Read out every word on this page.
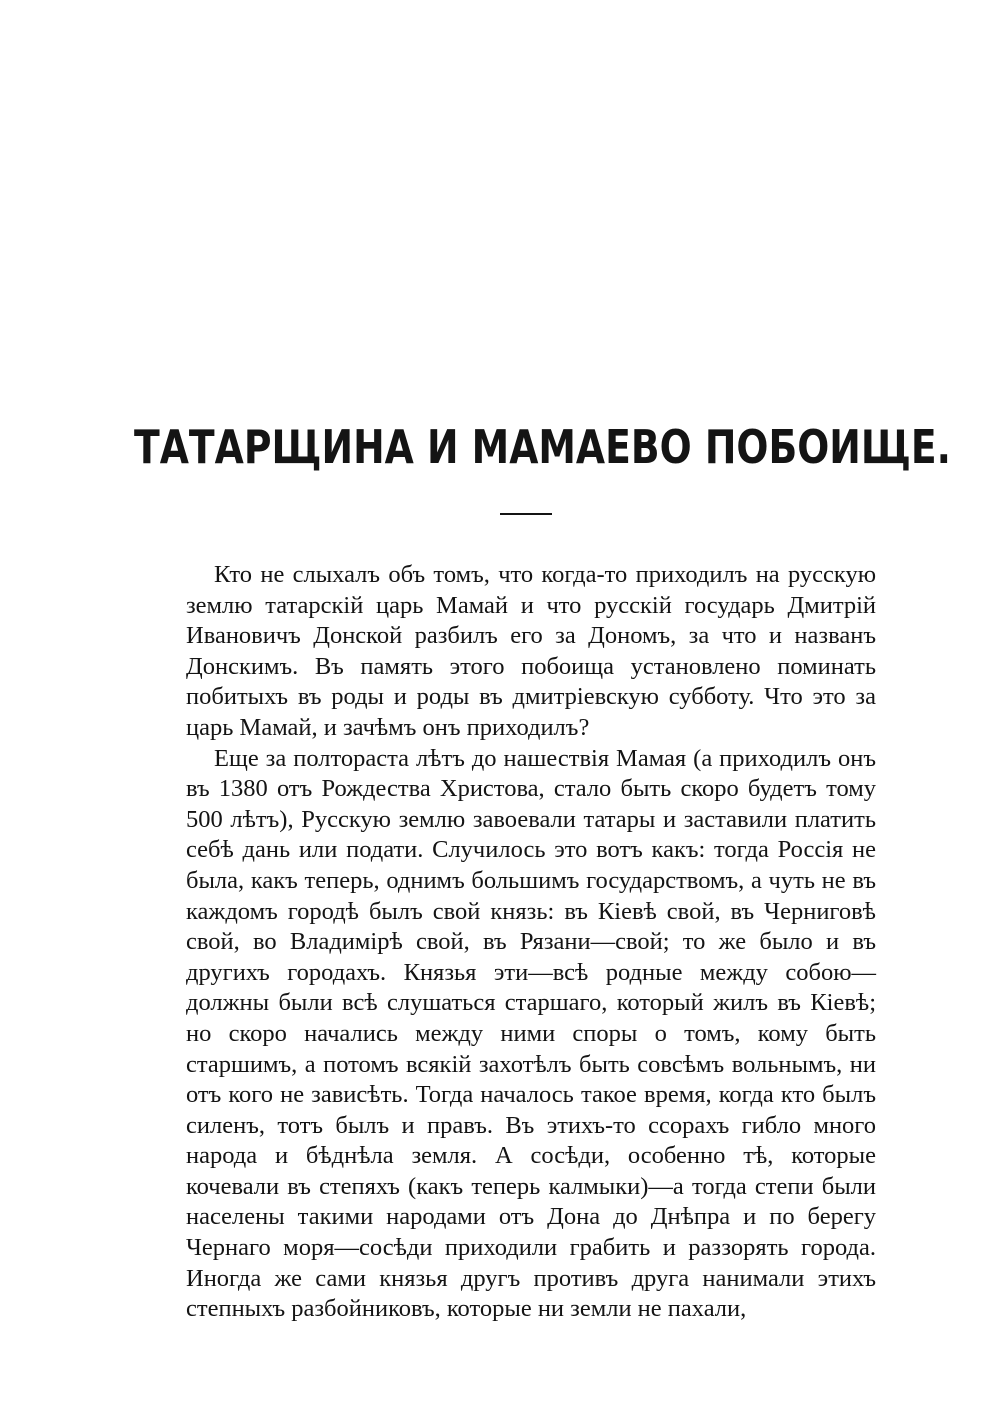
ТАТАРЩИНА И МАМАЕВО ПОБОИЩЕ.

Кто не слыхалъ объ томъ, что когда-то приходилъ на русскую землю татарскій царь Мамай и что русскій государь Дмитрій Ивановичъ Донской разбилъ его за Дономъ, за что и названъ Донскимъ. Въ память этого побоища установлено поминать побитыхъ въ роды и роды въ дмитріевскую субботу. Что это за царь Мамай, и зачѣмъ онъ приходилъ?

Еще за полтораста лѣтъ до нашествія Мамая (а приходилъ онъ въ 1380 отъ Рождества Христова, стало быть скоро будетъ тому 500 лѣтъ), Русскую землю завоевали татары и заставили платить себѣ дань или подати. Случилось это вотъ какъ: тогда Россія не была, какъ теперь, однимъ большимъ государствомъ, а чуть не въ каждомъ городѣ былъ свой князь: въ Кіевѣ свой, въ Черниговѣ свой, во Владимірѣ свой, въ Рязани—свой; то же было и въ другихъ городахъ. Князья эти—всѣ родные между собою—должны были всѣ слушаться старшаго, который жилъ въ Кіевѣ; но скоро начались между ними споры о томъ, кому быть старшимъ, а потомъ всякій захотѣлъ быть совсѣмъ вольнымъ, ни отъ кого не зависѣть. Тогда началось такое время, когда кто былъ силенъ, тотъ былъ и правъ. Въ этихъ-то ссорахъ гибло много народа и бѣднѣла земля. А сосѣди, особенно тѣ, которые кочевали въ степяхъ (какъ теперь калмыки)—а тогда степи были населены такими народами отъ Дона до Днѣпра и по берегу Чернаго моря—сосѣди приходили грабить и раззорять города. Иногда же сами князья другъ противъ друга нанимали этихъ степныхъ разбойниковъ, которые ни земли не пахали,
